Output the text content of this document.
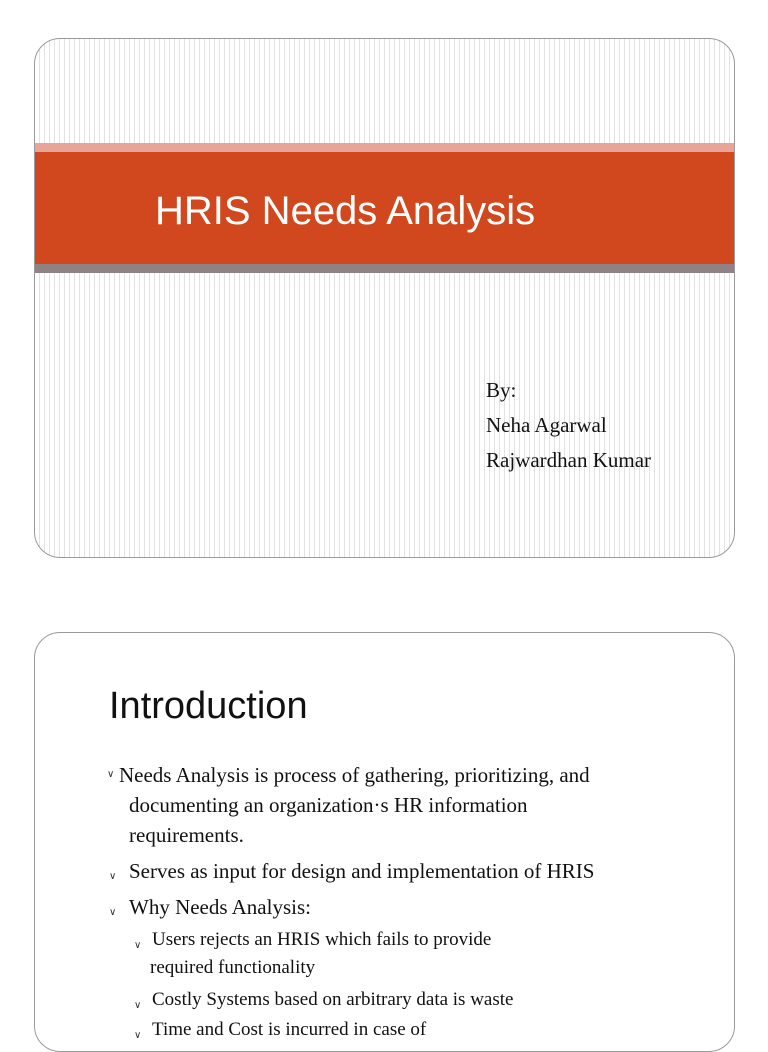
HRIS Needs Analysis
By:
Neha Agarwal
Rajwardhan Kumar
Introduction
∨ Needs Analysis is process of gathering, prioritizing, and
documenting an organization·s HR information
requirements.
∨ Serves as input for design and implementation of HRIS
∨ Why Needs Analysis:
∨ Users rejects an HRIS which fails to provide
required functionality
∨ Costly Systems based on arbitrary data is waste
∨ Time and Cost is incurred in case of
